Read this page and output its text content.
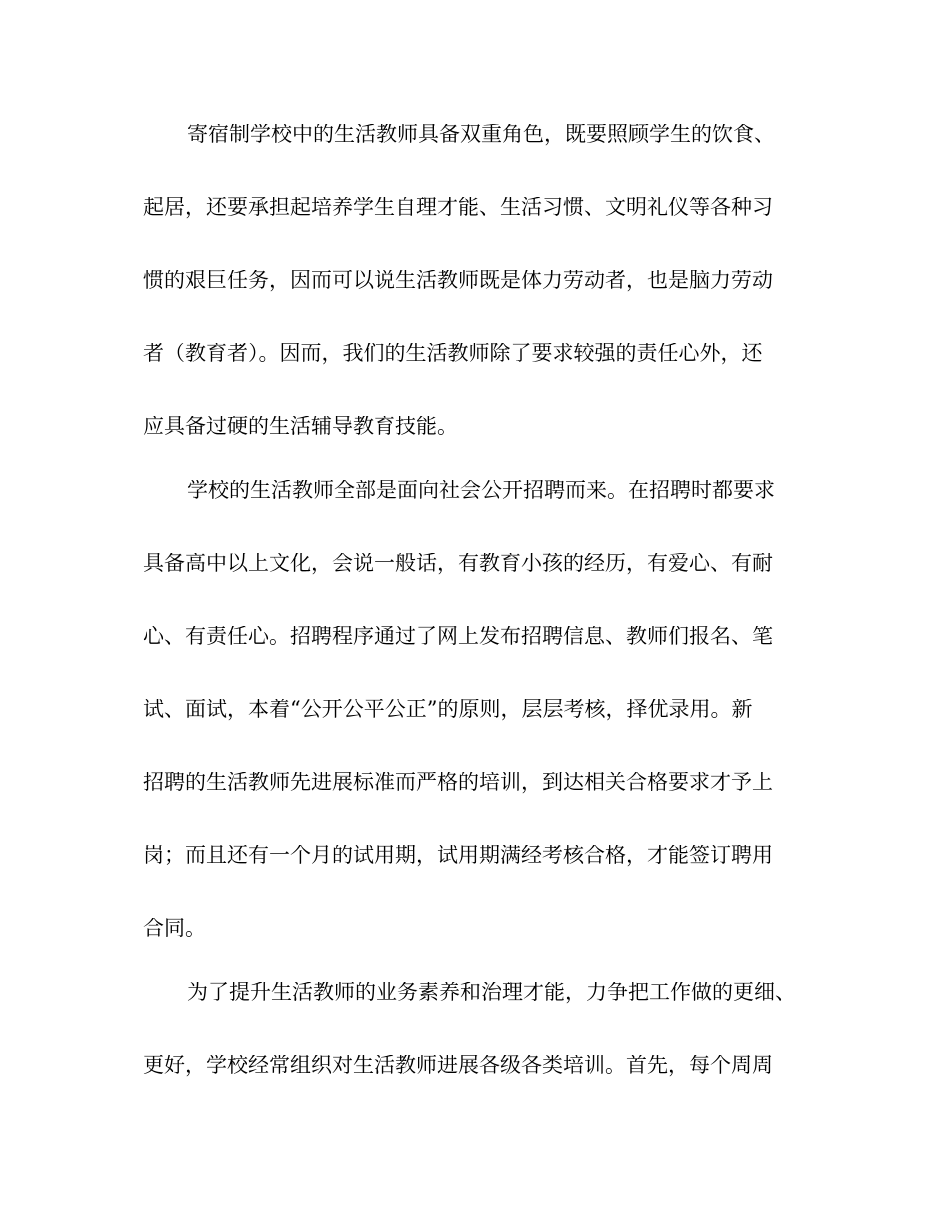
寄宿制学校中的生活教师具备双重角色，既要照顾学生的饮食、
起居，还要承担起培养学生自理才能、生活习惯、文明礼仪等各种习
惯的艰巨任务，因而可以说生活教师既是体力劳动者，也是脑力劳动
者（教育者）。因而，我们的生活教师除了要求较强的责任心外，还
应具备过硬的生活辅导教育技能。
学校的生活教师全部是面向社会公开招聘而来。在招聘时都要求
具备高中以上文化，会说一般话，有教育小孩的经历，有爱心、有耐
心、有责任心。招聘程序通过了网上发布招聘信息、教师们报名、笔
试、面试，本着“公开公平公正”的原则，层层考核，择优录用。新
招聘的生活教师先进展标准而严格的培训，到达相关合格要求才予上
岗；而且还有一个月的试用期，试用期满经考核合格，才能签订聘用
合同。
为了提升生活教师的业务素养和治理才能，力争把工作做的更细、
更好，学校经常组织对生活教师进展各级各类培训。首先，每个周周
